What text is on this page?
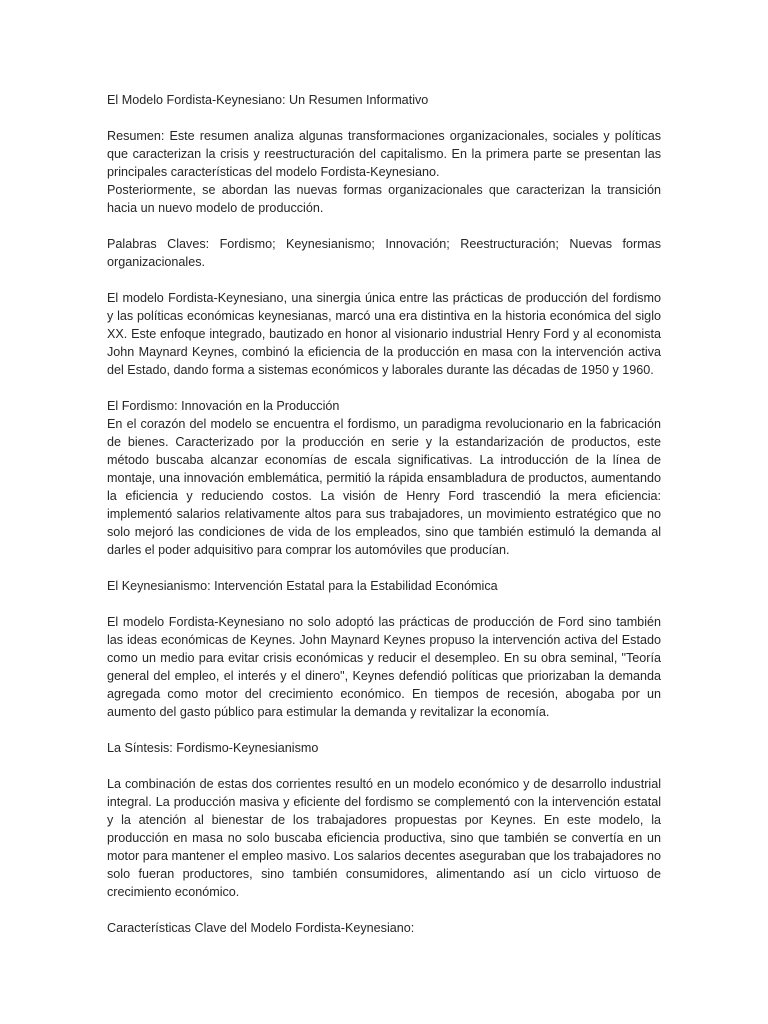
El Modelo Fordista-Keynesiano: Un Resumen Informativo

Resumen: Este resumen analiza algunas transformaciones organizacionales, sociales y políticas que caracterizan la crisis y reestructuración del capitalismo. En la primera parte se presentan las principales características del modelo Fordista-Keynesiano.

Posteriormente, se abordan las nuevas formas organizacionales que caracterizan la transición hacia un nuevo modelo de producción.

Palabras Claves: Fordismo; Keynesianismo; Innovación; Reestructuración; Nuevas formas organizacionales.

El modelo Fordista-Keynesiano, una sinergia única entre las prácticas de producción del fordismo y las políticas económicas keynesianas, marcó una era distintiva en la historia económica del siglo XX. Este enfoque integrado, bautizado en honor al visionario industrial Henry Ford y al economista John Maynard Keynes, combinó la eficiencia de la producción en masa con la intervención activa del Estado, dando forma a sistemas económicos y laborales durante las décadas de 1950 y 1960.

El Fordismo: Innovación en la Producción

En el corazón del modelo se encuentra el fordismo, un paradigma revolucionario en la fabricación de bienes. Caracterizado por la producción en serie y la estandarización de productos, este método buscaba alcanzar economías de escala significativas. La introducción de la línea de montaje, una innovación emblemática, permitió la rápida ensambladura de productos, aumentando la eficiencia y reduciendo costos. La visión de Henry Ford trascendió la mera eficiencia: implementó salarios relativamente altos para sus trabajadores, un movimiento estratégico que no solo mejoró las condiciones de vida de los empleados, sino que también estimuló la demanda al darles el poder adquisitivo para comprar los automóviles que producían.

El Keynesianismo: Intervención Estatal para la Estabilidad Económica

El modelo Fordista-Keynesiano no solo adoptó las prácticas de producción de Ford sino también las ideas económicas de Keynes. John Maynard Keynes propuso la intervención activa del Estado como un medio para evitar crisis económicas y reducir el desempleo. En su obra seminal, "Teoría general del empleo, el interés y el dinero", Keynes defendió políticas que priorizaban la demanda agregada como motor del crecimiento económico. En tiempos de recesión, abogaba por un aumento del gasto público para estimular la demanda y revitalizar la economía.

La Síntesis: Fordismo-Keynesianismo

La combinación de estas dos corrientes resultó en un modelo económico y de desarrollo industrial integral. La producción masiva y eficiente del fordismo se complementó con la intervención estatal y la atención al bienestar de los trabajadores propuestas por Keynes. En este modelo, la producción en masa no solo buscaba eficiencia productiva, sino que también se convertía en un motor para mantener el empleo masivo. Los salarios decentes aseguraban que los trabajadores no solo fueran productores, sino también consumidores, alimentando así un ciclo virtuoso de crecimiento económico.

Características Clave del Modelo Fordista-Keynesiano:
